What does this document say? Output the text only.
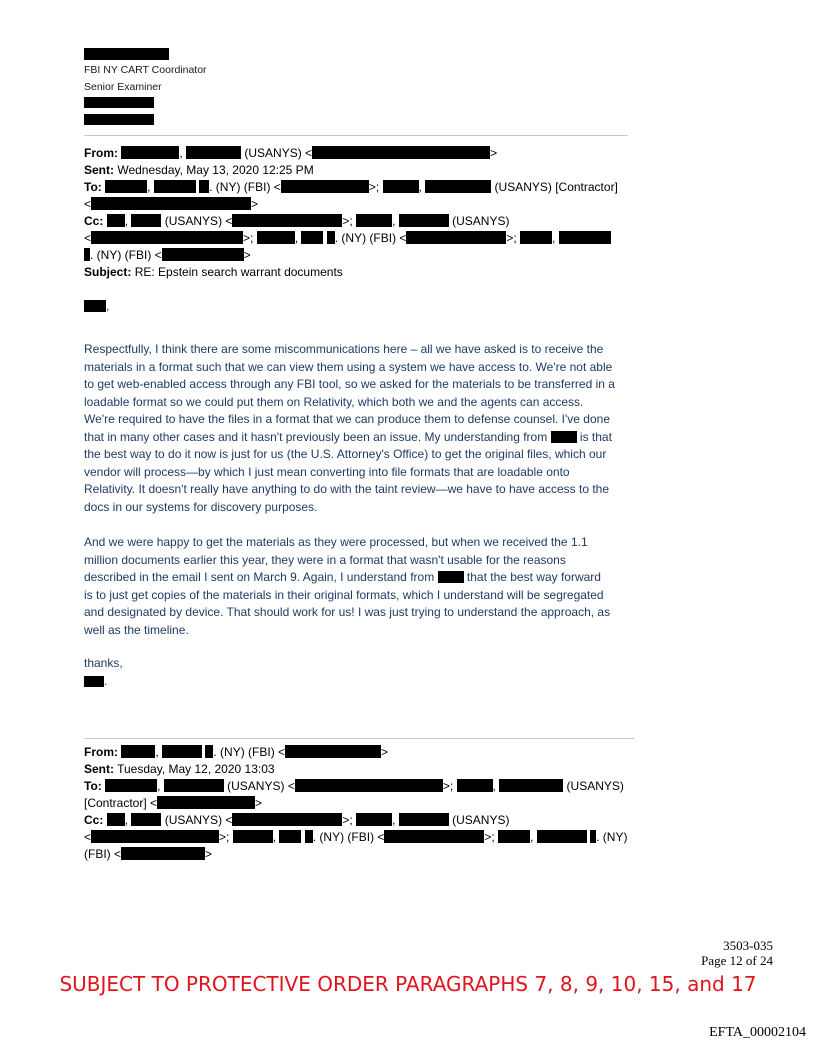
FBI NY CART Coordinator
Senior Examiner
From:	,	(USANYS) <	>
Sent: Wednesday, May 13, 2020 12:25 PM
To:	,	. (NY) (FBI) <	>;	,	(USANYS) [Contractor]
<	>
Cc: ,	(USANYS) <	>;	,	(USANYS)
<	>;	,	. (NY) (FBI) <	>;	,
. (NY) (FBI) <	>
Subject: RE: Epstein search warrant documents
,
Respectfully, I think there are some miscommunications here – all we have asked is to receive the
materials in a format such that we can view them using a system we have access to. We're not able
to get web-enabled access through any FBI tool, so we asked for the materials to be transferred in a
loadable format so we could put them on Relativity, which both we and the agents can access.
We're required to have the files in a format that we can produce them to defense counsel. I've done
that in many other cases and it hasn't previously been an issue. My understanding from	is that
the best way to do it now is just for us (the U.S. Attorney's Office) to get the original files, which our
vendor will process—by which I just mean converting into file formats that are loadable onto
Relativity. It doesn't really have anything to do with the taint review—we have to have access to the
docs in our systems for discovery purposes.
And we were happy to get the materials as they were processed, but when we received the 1.1
million documents earlier this year, they were in a format that wasn't usable for the reasons
described in the email I sent on March 9. Again, I understand from	that the best way forward
is to just get copies of the materials in their original formats, which I understand will be segregated
and designated by device. That should work for us! I was just trying to understand the approach, as
well as the timeline.
thanks,
.
From:	,	. (NY) (FBI) <	>
Sent: Tuesday, May 12, 2020 13:03
To:	,	(USANYS) <	>;	,	(USANYS)
[Contractor] <	>
Cc: ,	(USANYS) <	>;	,	(USANYS)
<	>;	,	. (NY) (FBI) <	>;	,	. (NY)
(FBI) <	>
3503-035
Page 12 of 24
SUBJECT TO PROTECTIVE ORDER PARAGRAPHS 7, 8, 9, 10, 15, and 17
EFTA_00002104
